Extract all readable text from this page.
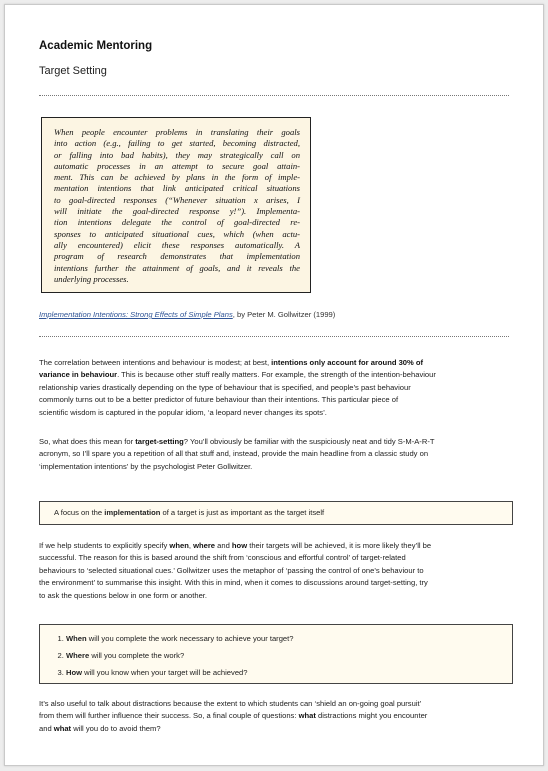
Academic Mentoring
Target Setting
When people encounter problems in translating their goals
into action (e.g., failing to get started, becoming distracted,
or falling into bad habits), they may strategically call on
automatic processes in an attempt to secure goal attain-
ment. This can be achieved by plans in the form of imple-
mentation intentions that link anticipated critical situations
to goal-directed responses (“Whenever situation x arises, I
will initiate the goal-directed response y!”). Implementa-
tion intentions delegate the control of goal-directed re-
sponses to anticipated situational cues, which (when actu-
ally encountered) elicit these responses automatically. A
program of research demonstrates that implementation
intentions further the attainment of goals, and it reveals the
underlying processes.
Implementation Intentions: Strong Effects of Simple Plans, by Peter M. Gollwitzer (1999)
The correlation between intentions and behaviour is modest; at best, intentions only account for around 30% of
variance in behaviour. This is because other stuff really matters. For example, the strength of the intention-behaviour
relationship varies drastically depending on the type of behaviour that is specified, and people’s past behaviour
commonly turns out to be a better predictor of future behaviour than their intentions. This particular piece of
scientific wisdom is captured in the popular idiom, ‘a leopard never changes its spots’.
So, what does this mean for target-setting? You’ll obviously be familiar with the suspiciously neat and tidy S-M-A-R-T
acronym, so I’ll spare you a repetition of all that stuff and, instead, provide the main headline from a classic study on
‘implementation intentions’ by the psychologist Peter Gollwitzer.
A focus on the implementation of a target is just as important as the target itself
If we help students to explicitly specify when, where and how their targets will be achieved, it is more likely they’ll be
successful. The reason for this is based around the shift from ‘conscious and effortful control’ of target-related
behaviours to ‘selected situational cues.’ Gollwitzer uses the metaphor of ‘passing the control of one’s behaviour to
the environment’ to summarise this insight. With this in mind, when it comes to discussions around target-setting, try
to ask the questions below in one form or another.
1. When will you complete the work necessary to achieve your target?
2. Where will you complete the work?
3. How will you know when your target will be achieved?
It’s also useful to talk about distractions because the extent to which students can ‘shield an on-going goal pursuit’
from them will further influence their success. So, a final couple of questions: what distractions might you encounter
and what will you do to avoid them?
